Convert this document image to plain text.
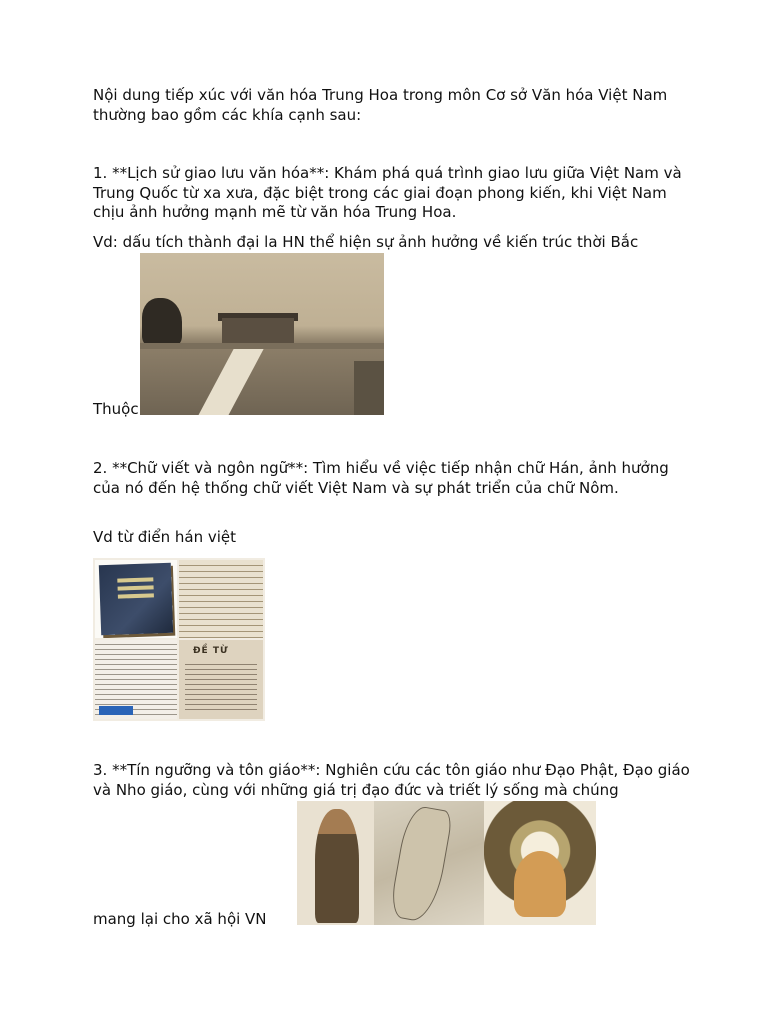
Nội dung tiếp xúc với văn hóa Trung Hoa trong môn Cơ sở Văn hóa Việt Nam thường bao gồm các khía cạnh sau:

1. **Lịch sử giao lưu văn hóa**: Khám phá quá trình giao lưu giữa Việt Nam và Trung Quốc từ xa xưa, đặc biệt trong các giai đoạn phong kiến, khi Việt Nam chịu ảnh hưởng mạnh mẽ từ văn hóa Trung Hoa.

Vd: dấu tích thành đại la HN thể hiện sự ảnh hưởng về kiến trúc thời Bắc

Thuộc

2. **Chữ viết và ngôn ngữ**: Tìm hiểu về việc tiếp nhận chữ Hán, ảnh hưởng của nó đến hệ thống chữ viết Việt Nam và sự phát triển của chữ Nôm.

Vd từ điển hán việt

ĐỀ TỪ

3. **Tín ngưỡng và tôn giáo**: Nghiên cứu các tôn giáo như Đạo Phật, Đạo giáo và Nho giáo, cùng với những giá trị đạo đức và triết lý sống mà chúng

mang lại cho xã hội VN
